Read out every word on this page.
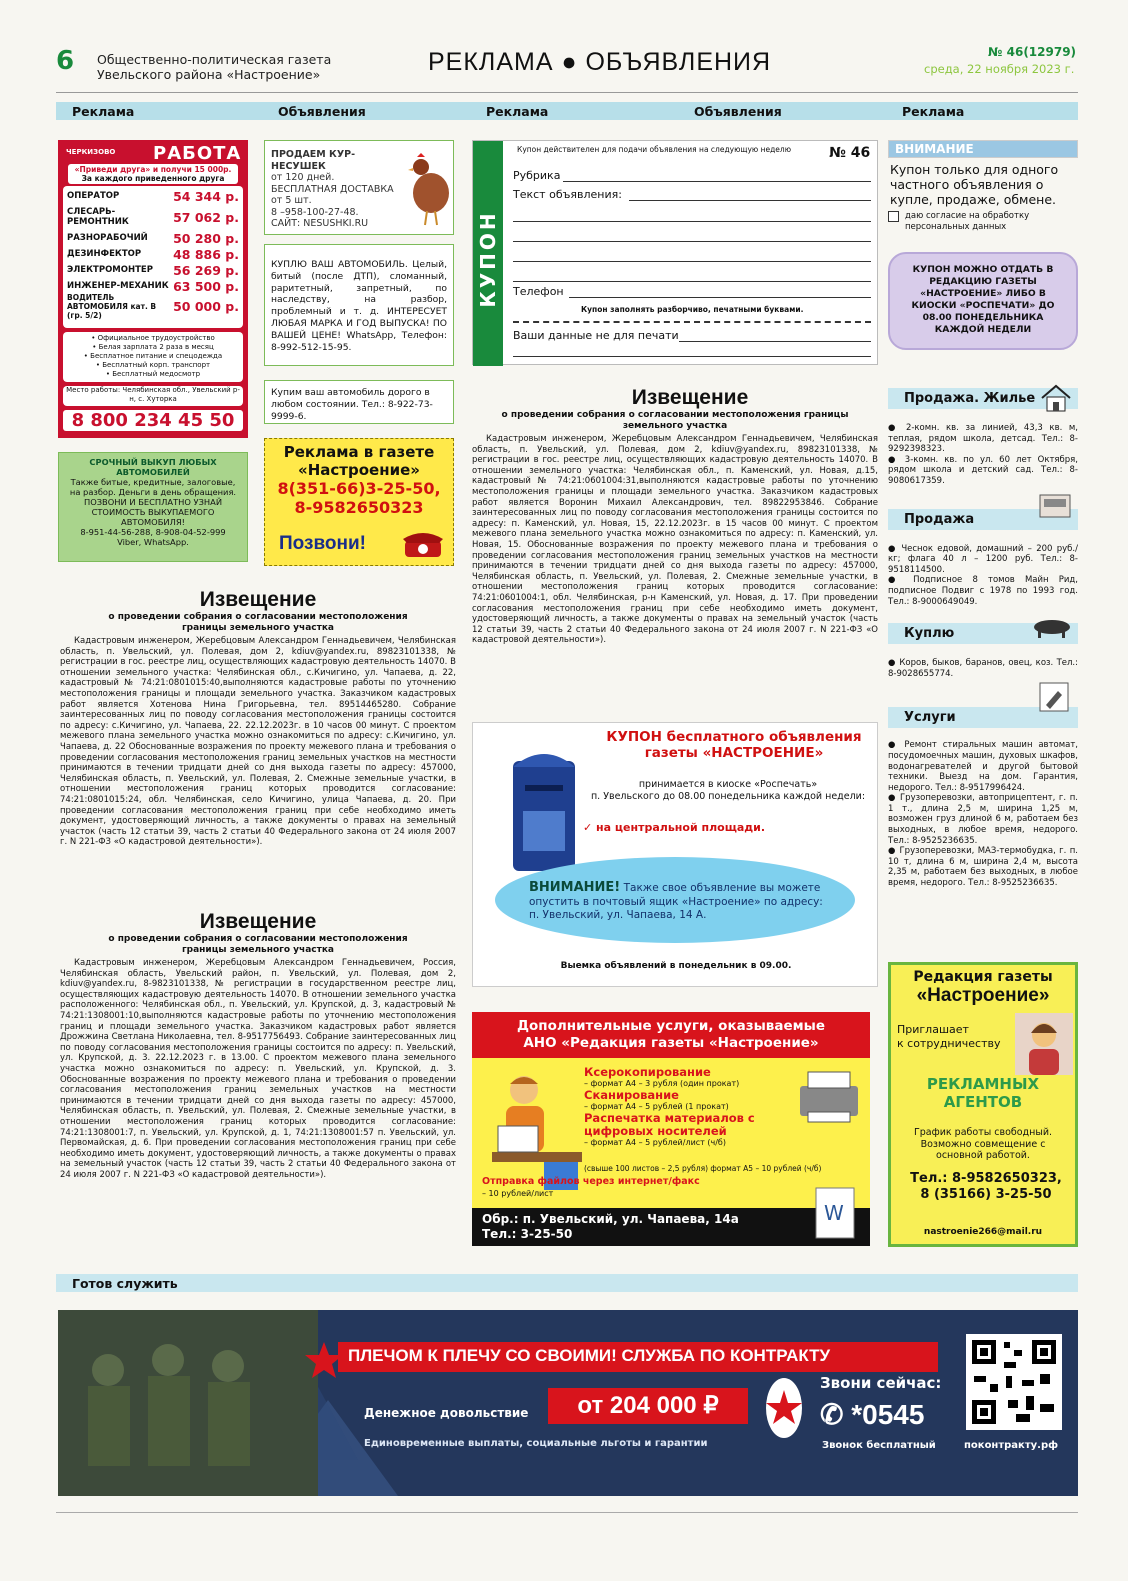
6 Общественно-политическая газета
Увельского района «Настроение»	РЕКЛАМА ● ОБЪЯВЛЕНИЯ	№ 46(12979)
среда, 22 ноября 2023 г.
Реклама	Объявления	Реклама	Объявления	Реклама
ЧЕРКИЗОВО РАБОТА
«Приведи друга» и получи 15 000р.
За каждого приведенного друга
ОПЕРАТОР	54 344 р.
СЛЕСАРЬ-РЕМОНТНИК	57 062 р.
РАЗНОРАБОЧИЙ 50 280 р.
ДЕЗИНФЕКТОР	48 886 р.
ЭЛЕКТРОМОНТЕР 56 269 р.
ИНЖЕНЕР-МЕХАНИК 63 500 р.
ВОДИТЕЛЬ АВТОМОБИЛЯ кат. В (гр. 5/2)
50 000 р.
• Официальное трудоустройство
• Белая зарплата 2 раза в месяц
• Бесплатное питание и спецодежда
• Бесплатный корп. транспорт
• Бесплатный медосмотр
Место работы: Челябинская обл., Увельский р-н, с. Хуторка
8 800 234 45 50
ПРОДАЕМ КУР-НЕСУШЕК
от 120 дней.
БЕСПЛАТНАЯ ДОСТАВКА
от 5 шт.
8 –958-100-27-48.
САЙТ: NESUSHKI.RU
КУПЛЮ ВАШ АВТОМОБИЛЬ. Целый, битый (после ДТП), сломанный, раритетный, запретный, по наследству, на разбор, проблемный и т. д. ИНТЕРЕСУЕТ ЛЮБАЯ МАРКА И ГОД ВЫПУСКА! ПО ВАШЕЙ ЦЕНЕ! WhatsApp, Телефон: 8-992-512-15-95.
Купим ваш автомобиль дорого в любом состоянии. Тел.: 8-922-73-9999-6.
СРОЧНЫЙ ВЫКУП ЛЮБЫХ АВТОМОБИЛЕЙ
Также битые, кредитные, залоговые, на разбор. Деньги в день обращения. ПОЗВОНИ И БЕСПЛАТНО УЗНАЙ СТОИМОСТЬ ВЫКУПАЕМОГО АВТОМОБИЛЯ!
8-951-44-56-288, 8-908-04-52-999
Viber, WhatsApp.
Реклама в газете
«Настроение»
8(351-66)3-25-50,
8-9582650323
Позвони!
Извещение
о проведении собрания о согласовании местоположения границы земельного участка
Кадастровым инженером, Жеребцовым Александром Геннадьевичем, Челябинская область, п. Увельский, ул. Полевая, дом 2, kdiuv@yandex.ru, 89823101338, № регистрации в гос. реестре лиц, осуществляющих кадастровую деятельность 14070. В отношении земельного участка: Челябинская обл., с.Кичигино, ул. Чапаева, д. 22, кадастровый № 74:21:0801015:40,выполняются кадастровые работы по уточнению местоположения границы и площади земельного участка. Заказчиком кадастровых работ является Хотенова Нина Григорьевна, тел. 89514465280. Собрание заинтересованных лиц по поводу согласования местоположения границы состоится по адресу: с.Кичигино, ул. Чапаева, 22. 22.12.2023г. в 10 часов 00 минут. С проектом межевого плана земельного участка можно ознакомиться по адресу: с.Кичигино, ул. Чапаева, д. 22 Обоснованные возражения по проекту межевого плана и требования о проведении согласования местоположения границ земельных участков на местности принимаются в течении тридцати дней со дня выхода газеты по адресу: 457000, Челябинская область, п. Увельский, ул. Полевая, 2. Смежные земельные участки, в отношении местоположения границ которых проводится согласование: 74:21:0801015:24, обл. Челябинская, село Кичигино, улица Чапаева, д. 20. При проведении согласования местоположения границ при себе необходимо иметь документ, удостоверяющий личность, а также документы о правах на земельный участок (часть 12 статьи 39, часть 2 статьи 40 Федерального закона от 24 июля 2007 г. N 221-ФЗ «О кадастровой деятельности»).
Извещение
о проведении собрания о согласовании местоположения границы земельного участка
Кадастровым инженером, Жеребцовым Александром Геннадьевичем, Россия, Челябинская область, Увельский район, п. Увельский, ул. Полевая, дом 2, kdiuv@yandex.ru, 8-9823101338, № регистрации в государственном реестре лиц, осуществляющих кадастровую деятельность 14070. В отношении земельного участка расположенного: Челябинская обл., п. Увельский, ул. Крупской, д. 3, кадастровый № 74:21:1308001:10,выполняются кадастровые работы по уточнению местоположения границ и площади земельного участка. Заказчиком кадастровых работ является Дрожжина Светлана Николаевна, тел. 8-9517756493. Собрание заинтересованных лиц по поводу согласования местоположения границы состоится по адресу: п. Увельский, ул. Крупской, д. 3. 22.12.2023 г. в 13.00. С проектом межевого плана земельного участка можно ознакомиться по адресу: п. Увельский, ул. Крупской, д. 3. Обоснованные возражения по проекту межевого плана и требования о проведении согласования местоположения границ земельных участков на местности принимаются в течении тридцати дней со дня выхода газеты по адресу: 457000, Челябинская область, п. Увельский, ул. Полевая, 2. Смежные земельные участки, в отношении местоположения границ которых проводится согласование: 74:21:1308001:7, п. Увельский, ул. Крупской, д. 1, 74:21:1308001:57 п. Увельский, ул. Первомайская, д. 6. При проведении согласования местоположения границ при себе необходимо иметь документ, удостоверяющий личность, а также документы о правах на земельный участок (часть 12 статьи 39, часть 2 статьи 40 Федерального закона от 24 июля 2007 г. N 221-ФЗ «О кадастровой деятельности»).
КУПОН
Купон действителен для подачи объявления на следующую неделю	№ 46
Рубрика
Текст объявления:
Телефон
Купон заполнять разборчиво, печатными буквами.
Ваши данные не для печати
ВНИМАНИЕ
Купон только для одного частного объявления о купле, продаже, обмене.
даю согласие на обработку персональных данных
КУПОН МОЖНО ОТДАТЬ В РЕДАКЦИЮ ГАЗЕТЫ «НАСТРОЕНИЕ» ЛИБО В КИОСКИ «РОСПЕЧАТИ» ДО 08.00 ПОНЕДЕЛЬНИКА КАЖДОЙ НЕДЕЛИ
Извещение
о проведении собрания о согласовании местоположения границы земельного участка
Кадастровым инженером, Жеребцовым Александром Геннадьевичем, Челябинская область, п. Увельский, ул. Полевая, дом 2, kdiuv@yandex.ru, 89823101338, № регистрации в гос. реестре лиц, осуществляющих кадастровую деятельность 14070. В отношении земельного участка: Челябинская обл., п. Каменский, ул. Новая, д.15, кадастровый № 74:21:0601004:31,выполняются кадастровые работы по уточнению местоположения границы и площади земельного участка. Заказчиком кадастровых работ является Воронин Михаил Александрович, тел. 89822953846. Собрание заинтересованных лиц по поводу согласования местоположения границы состоится по адресу: п. Каменский, ул. Новая, 15, 22.12.2023г. в 15 часов 00 минут. С проектом межевого плана земельного участка можно ознакомиться по адресу: п. Каменский, ул. Новая, 15. Обоснованные возражения по проекту межевого плана и требования о проведении согласования местоположения границ земельных участков на местности принимаются в течении тридцати дней со дня выхода газеты по адресу: 457000, Челябинская область, п. Увельский, ул. Полевая, 2. Смежные земельные участки, в отношении местоположения границ которых проводится согласование: 74:21:0601004:1, обл. Челябинская, р-н Каменский, ул. Новая, д. 17. При проведении согласования местоположения границ при себе необходимо иметь документ, удостоверяющий личность, а также документы о правах на земельный участок (часть 12 статьи 39, часть 2 статьи 40 Федерального закона от 24 июля 2007 г. N 221-ФЗ «О кадастровой деятельности»).
Продажа. Жилье
● 2-комн. кв. за линией, 43,3 кв. м, теплая, рядом школа, детсад. Тел.: 8-9292398323.
● 3-комн. кв. по ул. 60 лет Октября, рядом школа и детский сад. Тел.: 8-9080617359.
Продажа
● Чеснок едовой, домашний – 200 руб./кг; флага 40 л – 1200 руб. Тел.: 8-9518114500.
● Подписное 8 томов Майн Рид, подписное Подвиг с 1978 по 1993 год. Тел.: 8-9000649049.
Куплю
● Коров, быков, баранов, овец, коз. Тел.: 8-9028655774.
Услуги
● Ремонт стиральных машин автомат, посудомоечных машин, духовых шкафов, водонагревателей и другой бытовой техники. Выезд на дом. Гарантия, недорого. Тел.: 8-9517996424.
● Грузоперевозки, автоприцептент, г. п. 1 т., длина 2,5 м, ширина 1,25 м, возможен груз длиной 6 м, работаем без выходных, в любое время, недорого. Тел.: 8-9525236635.
● Грузоперевозки, МАЗ-термобудка, г. п. 10 т, длина 6 м, ширина 2,4 м, высота 2,35 м, работаем без выходных, в любое время, недорого. Тел.: 8-9525236635.
КУПОН бесплатного объявления
газеты «НАСТРОЕНИЕ»
принимается в киоске «Роспечать»
п. Увельского до 08.00 понедельника каждой недели:
✓ на центральной площади.
ВНИМАНИЕ! Также свое объявление вы можете опустить в почтовый ящик «Настроение» по адресу: п. Увельский, ул. Чапаева, 14 А.
Выемка объявлений в понедельник в 09.00.
Дополнительные услуги, оказываемые
АНО «Редакция газеты «Настроение»
Ксерокопирование
– формат А4 – 3 рубля (один прокат)
Сканирование
– формат А4 – 5 рублей (1 прокат)
Распечатка материалов с цифровых носителей
– формат А4 – 5 рублей/лист (ч/б)
(свыше 100 листов – 2,5 рубля) формат А5 – 10 рублей (ч/б)
Отправка файлов через интернет/факс
– 10 рублей/лист
Обр.: п. Увельский, ул. Чапаева, 14а
Тел.: 3-25-50
W
Редакция газеты
«Настроение»
Приглашает
к сотрудничеству
РЕКЛАМНЫХ АГЕНТОВ
График работы свободный. Возможно совмещение с основной работой.
Тел.: 8-9582650323,
8 (35166) 3-25-50
nastroenie266@mail.ru
Готов служить
ПЛЕЧОМ К ПЛЕЧУ СО СВОИМИ! СЛУЖБА ПО КОНТРАКТУ
Денежное довольствие	от 204 000 ₽
Единовременные выплаты, социальные льготы и гарантии
Звони сейчас:
✆ *0545
Звонок бесплатный	пoконтракту.рф
